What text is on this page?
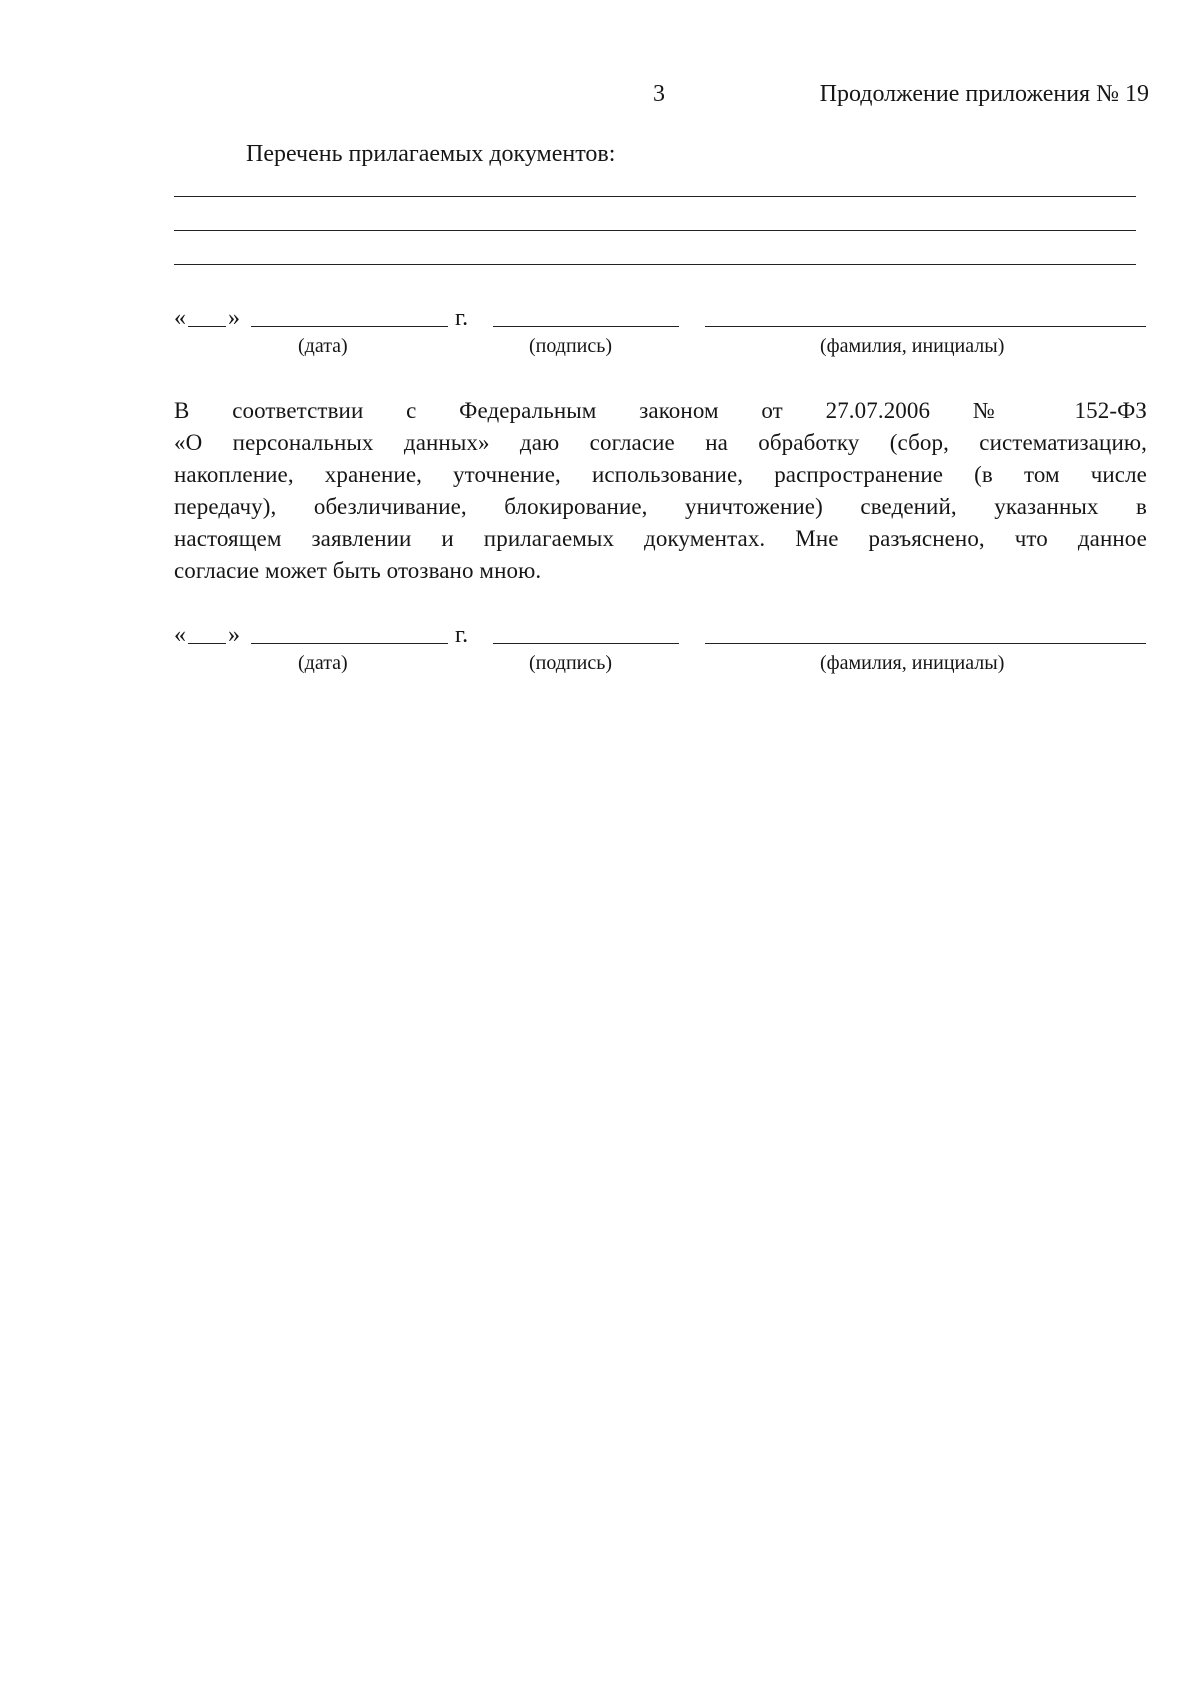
3	Продолжение приложения № 19
Перечень прилагаемых документов:
« »	г.
(дата)	(подпись)	(фамилия, инициалы)
В соответствии с Федеральным законом от 27.07.2006 № 152-ФЗ
«О персональных данных» даю согласие на обработку (сбор, систематизацию,
накопление, хранение, уточнение, использование, распространение (в том числе
передачу), обезличивание, блокирование, уничтожение) сведений, указанных в
настоящем заявлении и прилагаемых документах. Мне разъяснено, что данное
согласие может быть отозвано мною.
« »	г.
(дата)	(подпись)	(фамилия, инициалы)
